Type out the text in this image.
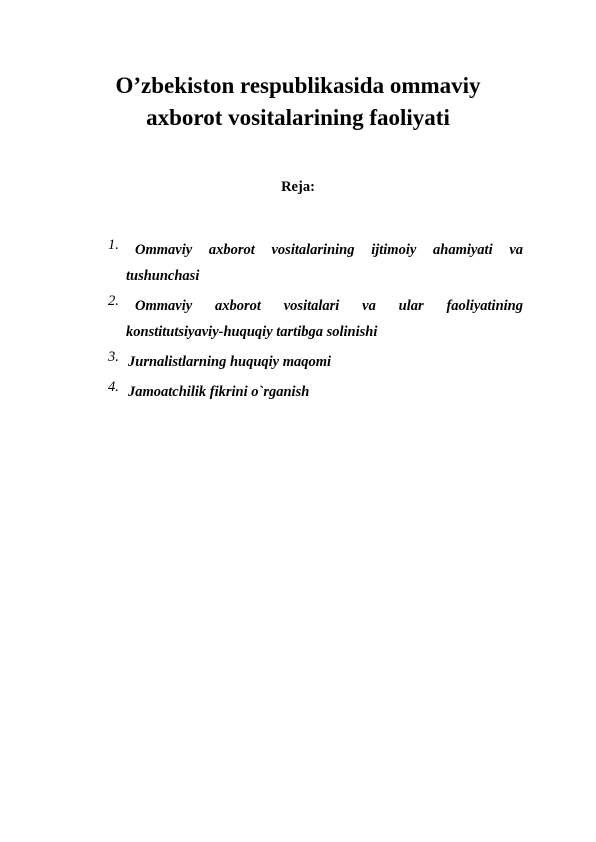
O’zbekiston respublikasida ommaviy
axborot vositalarining faoliyati

Reja:

1.	Ommaviy axborot vositalarining ijtimoiy ahamiyati va
tushunchasi
2.	Ommaviy axborot vositalari va ular faoliyatining
konstitutsiyaviy-huquqiy tartibga solinishi
3. Jurnalistlarning huquqiy maqomi
4. Jamoatchilik fikrini o`rganish
